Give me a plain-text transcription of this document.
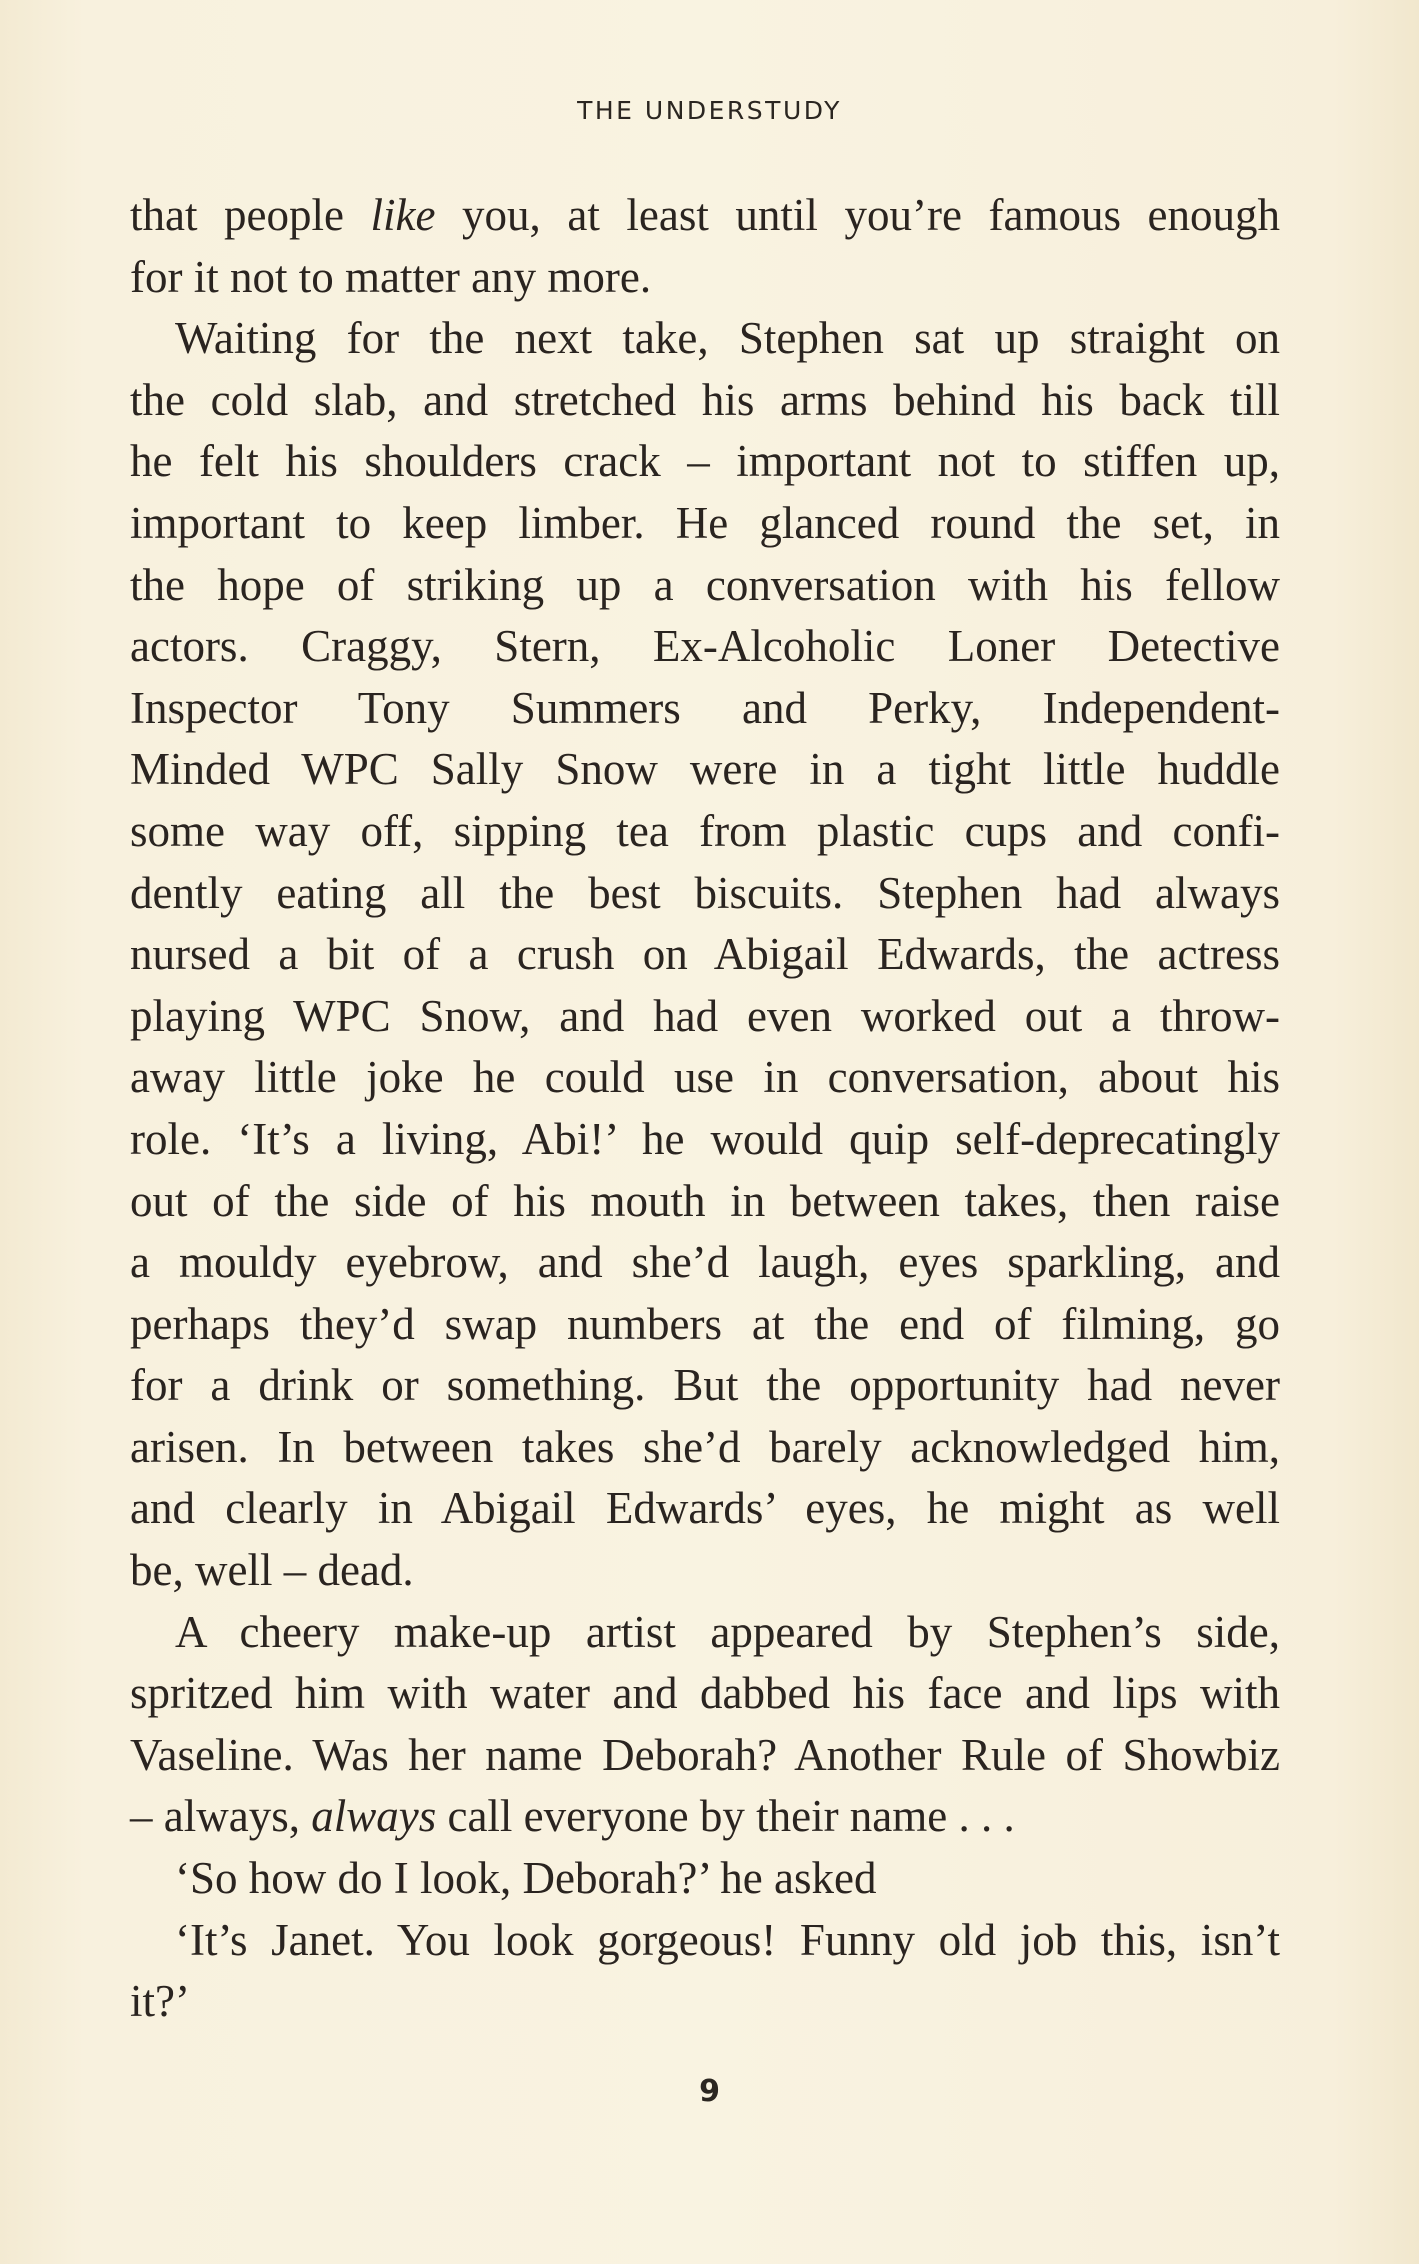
THE UNDERSTUDY

that people like you, at least until you’re famous enough
for it not to matter any more.

Waiting for the next take, Stephen sat up straight on
the cold slab, and stretched his arms behind his back till
he felt his shoulders crack – important not to stiffen up,
important to keep limber. He glanced round the set, in
the hope of striking up a conversation with his fellow
actors. Craggy, Stern, Ex-Alcoholic Loner Detective
Inspector Tony Summers and Perky, Independent-
Minded WPC Sally Snow were in a tight little huddle
some way off, sipping tea from plastic cups and confi-
dently eating all the best biscuits. Stephen had always
nursed a bit of a crush on Abigail Edwards, the actress
playing WPC Snow, and had even worked out a throw-
away little joke he could use in conversation, about his
role. ‘It’s a living, Abi!’ he would quip self-deprecatingly
out of the side of his mouth in between takes, then raise
a mouldy eyebrow, and she’d laugh, eyes sparkling, and
perhaps they’d swap numbers at the end of filming, go
for a drink or something. But the opportunity had never
arisen. In between takes she’d barely acknowledged him,
and clearly in Abigail Edwards’ eyes, he might as well
be, well – dead.

A cheery make-up artist appeared by Stephen’s side,
spritzed him with water and dabbed his face and lips with
Vaseline. Was her name Deborah? Another Rule of Showbiz
– always, always call everyone by their name . . .

‘So how do I look, Deborah?’ he asked

‘It’s Janet. You look gorgeous! Funny old job this, isn’t
it?’

9
